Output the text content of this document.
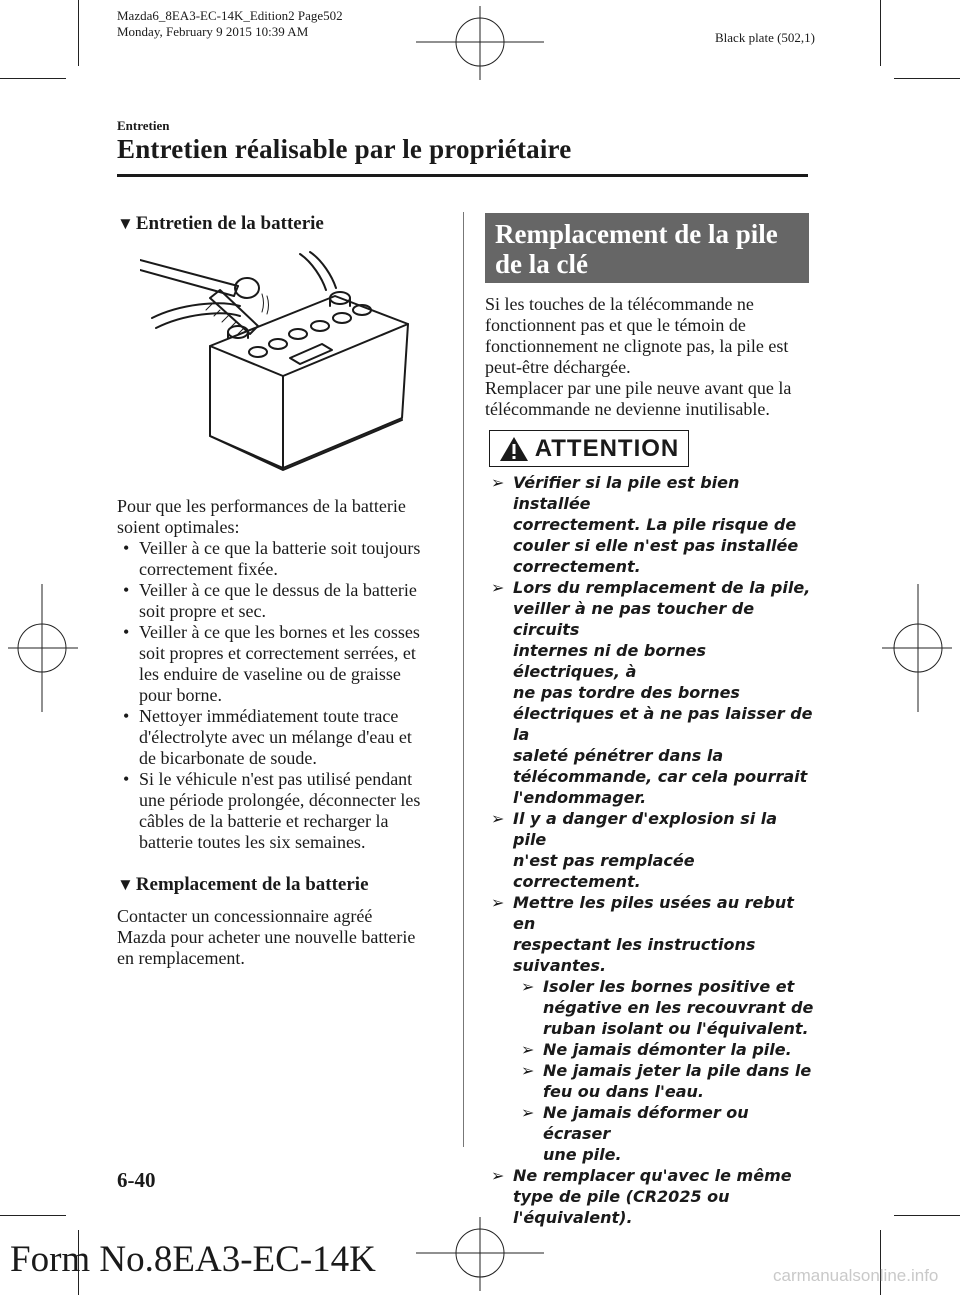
Mazda6_8EA3-EC-14K_Edition2 Page502
Monday, February 9 2015 10:39 AM	Black plate (502,1)
Entretien
Entretien réalisable par le propriétaire
▼ Entretien de la batterie

Pour que les performances de la batterie

soient optimales:

• Veiller à ce que la batterie soit toujours
correctement fixée.
• Veiller à ce que le dessus de la batterie
soit propre et sec.
• Veiller à ce que les bornes et les cosses
soit propres et correctement serrées, et
les enduire de vaseline ou de graisse
pour borne.
• Nettoyer immédiatement toute trace
d'électrolyte avec un mélange d'eau et
de bicarbonate de soude.
• Si le véhicule n'est pas utilisé pendant
une période prolongée, déconnecter les
câbles de la batterie et recharger la
batterie toutes les six semaines.
▼ Remplacement de la batterie

Contacter un concessionnaire agréé

Mazda pour acheter une nouvelle batterie

en remplacement.

Remplacement de la pile
de la clé

Si les touches de la télécommande ne

fonctionnent pas et que le témoin de

fonctionnement ne clignote pas, la pile est

peut-être déchargée.

Remplacer par une pile neuve avant que la

télécommande ne devienne inutilisable.

ATTENTION
➢ Vérifier si la pile est bien installée
correctement. La pile risque de
couler si elle n'est pas installée
correctement.
➢ Lors du remplacement de la pile,
veiller à ne pas toucher de circuits
internes ni de bornes électriques, à
ne pas tordre des bornes
électriques et à ne pas laisser de la
saleté pénétrer dans la
télécommande, car cela pourrait
l'endommager.
➢ Il y a danger d'explosion si la pile
n'est pas remplacée correctement.
➢ Mettre les piles usées au rebut en
respectant les instructions
suivantes.
➢ Isoler les bornes positive et
négative en les recouvrant de
ruban isolant ou l'équivalent.
➢ Ne jamais démonter la pile.
➢ Ne jamais jeter la pile dans le
feu ou dans l'eau.
➢ Ne jamais déformer ou écraser
une pile.
➢ Ne remplacer qu'avec le même
type de pile (CR2025 ou
l'équivalent).
6-40
Form No.8EA3-EC-14K	carmanualsonline.info
